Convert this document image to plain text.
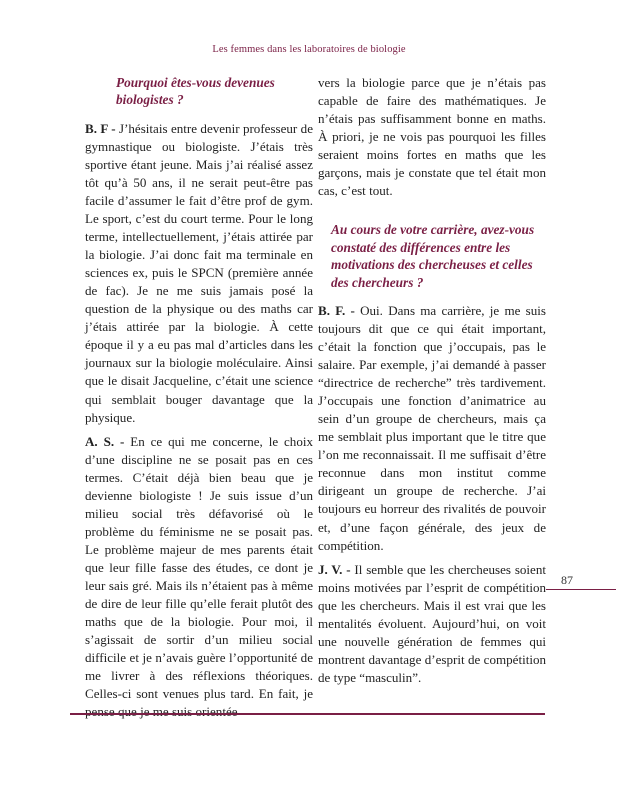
Les femmes dans les laboratoires de biologie
Pourquoi êtes-vous devenues biologistes ?

B. F - J’hésitais entre devenir professeur de gymnastique ou biologiste. J’étais très sportive étant jeune. Mais j’ai réalisé assez tôt qu’à 50 ans, il ne serait peut-être pas facile d’assumer le fait d’être prof de gym. Le sport, c’est du court terme. Pour le long terme, intellectuellement, j’étais attirée par la biologie. J’ai donc fait ma terminale en sciences ex, puis le SPCN (première année de fac). Je ne me suis jamais posé la question de la physique ou des maths car j’étais attirée par la biologie. À cette époque il y a eu pas mal d’articles dans les journaux sur la biologie moléculaire. Ainsi que le disait Jacqueline, c’était une science qui semblait bouger davantage que la physique.

A. S. - En ce qui me concerne, le choix d’une discipline ne se posait pas en ces termes. C’était déjà bien beau que je devienne biologiste ! Je suis issue d’un milieu social très défavorisé où le problème du féminisme ne se posait pas. Le problème majeur de mes parents était que leur fille fasse des études, ce dont je leur sais gré. Mais ils n’étaient pas à même de dire de leur fille qu’elle ferait plutôt des maths que de la biologie. Pour moi, il s’agissait de sortir d’un milieu social difficile et je n’avais guère l’opportunité de me livrer à des réflexions théoriques. Celles-ci sont venues plus tard. En fait, je pense que je me suis orientée

vers la biologie parce que je n’étais pas capable de faire des mathématiques. Je n’étais pas suffisamment bonne en maths. À priori, je ne vois pas pourquoi les filles seraient moins fortes en maths que les garçons, mais je constate que tel était mon cas, c’est tout.

Au cours de votre carrière, avez-vous constaté des différences entre les motivations des chercheuses et celles des chercheurs ?

B. F. - Oui. Dans ma carrière, je me suis toujours dit que ce qui était important, c’était la fonction que j’occupais, pas le salaire. Par exemple, j’ai demandé à passer “directrice de recherche” très tardivement. J’occupais une fonction d’animatrice au sein d’un groupe de chercheurs, mais ça me semblait plus important que le titre que l’on me reconnaissait. Il me suffisait d’être reconnue dans mon institut comme dirigeant un groupe de recherche. J’ai toujours eu horreur des rivalités de pouvoir et, d’une façon générale, des jeux de compétition.

J. V. - Il semble que les chercheuses soient moins motivées par l’esprit de compétition que les chercheurs. Mais il est vrai que les mentalités évoluent. Aujourd’hui, on voit une nouvelle génération de femmes qui montrent davantage d’esprit de compétition de type “masculin”.

87
